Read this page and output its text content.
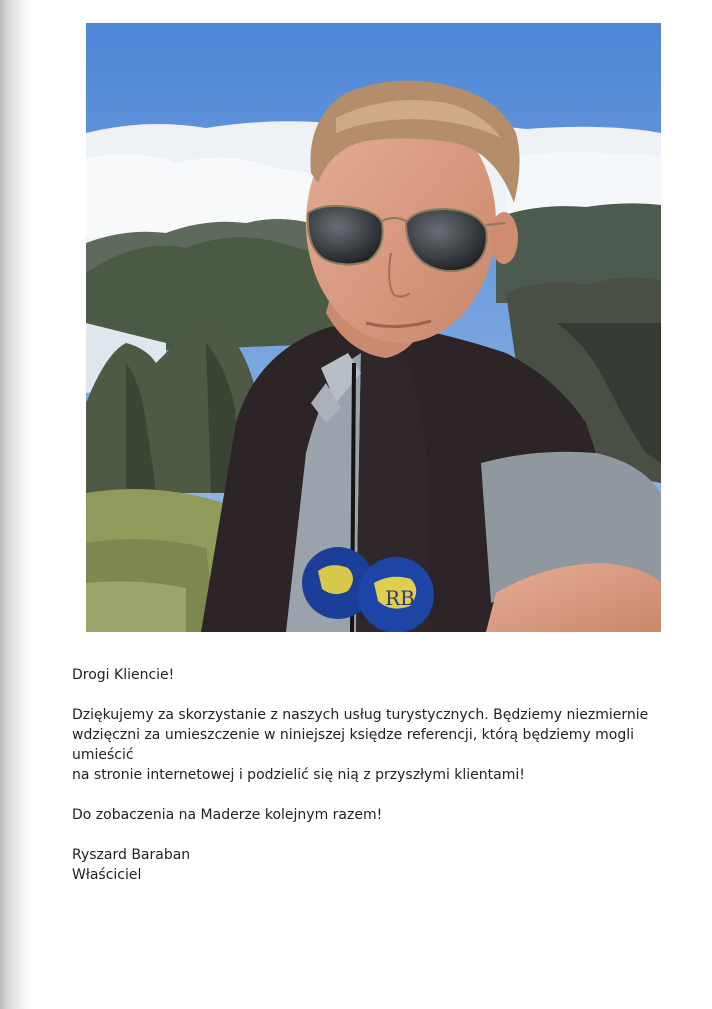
RB

Drogi Kliencie!

Dziękujemy za skorzystanie z naszych usług turystycznych. Będziemy niezmiernie
wdzięczni za umieszczenie w niniejszej księdze referencji, którą będziemy mogli umieścić
na stronie internetowej i podzielić się nią z przyszłymi klientami!

Do zobaczenia na Maderze kolejnym razem!

Ryszard Baraban
Właściciel
